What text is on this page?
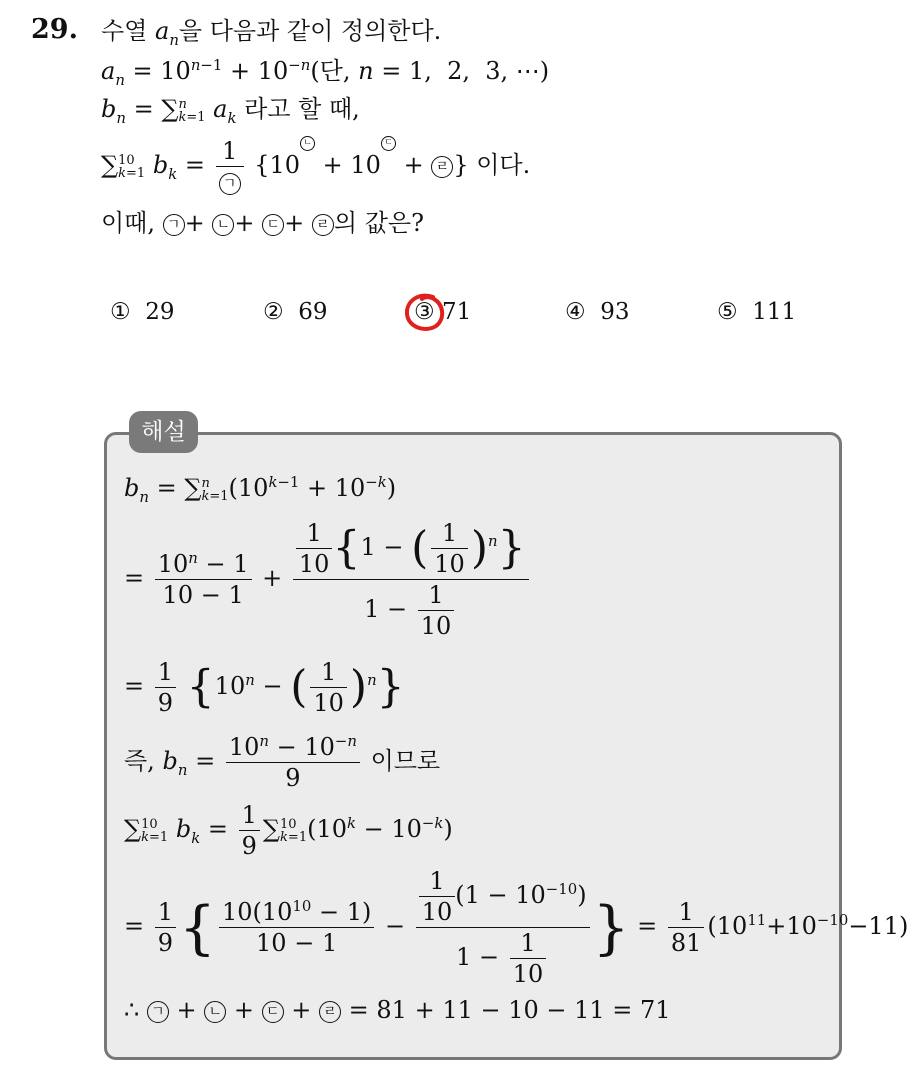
29. 수열 $a_n$을 다음과 같이 정의한다.
$a_n = 10^{n-1} + 10^{-n}$(단, n = 1,  2,  3, ⋯)
$b_n = \sum n$
k=1 $a_k$ 라고 할 때,
∑10
k=1 $b_k = \frac{1}{\text{ㄱ}} \{10$ㄴ + 10ㄷ + ㄹ } 이다.
이때, ㄱ + ㄴ + ㄷ + ㄹ 의 값은?
① 29	② 69	③ 71	④ 93	⑤ 111
해설
$b_n = \sum n$
$k=1(10^{k-1} + 10^{-k})$
= $\frac{10^n - 1}{10 - 1} + \frac{\frac{1}{10} \{1 - ( \frac{1}{10} )^n\}}{1 - \frac{1}{10}}$
= $\frac{1}{9} \{10^n$ − ( $\frac{1}{10} )^n$}
즉, $b_n = \frac{10^n - 10^{-n}}{9}$ 이므로
∑10
k=1 $b_k = \frac{1}{9} \sum 10$
$k=1(10^k - 10^{-k})$
= $\frac{1}{9}$ { $\frac{10(10^{10} - 1)}{10 - 1} - \frac{\frac{1}{10} (1 - 10^{-10})}{1 - \frac{1}{10}}$ } = $\frac{1}{81} (10^{11}+10^{-10}-11)$
∴ ㄱ + ㄴ + ㄷ + ㄹ = 81 + 11 − 10 − 11 = 71
